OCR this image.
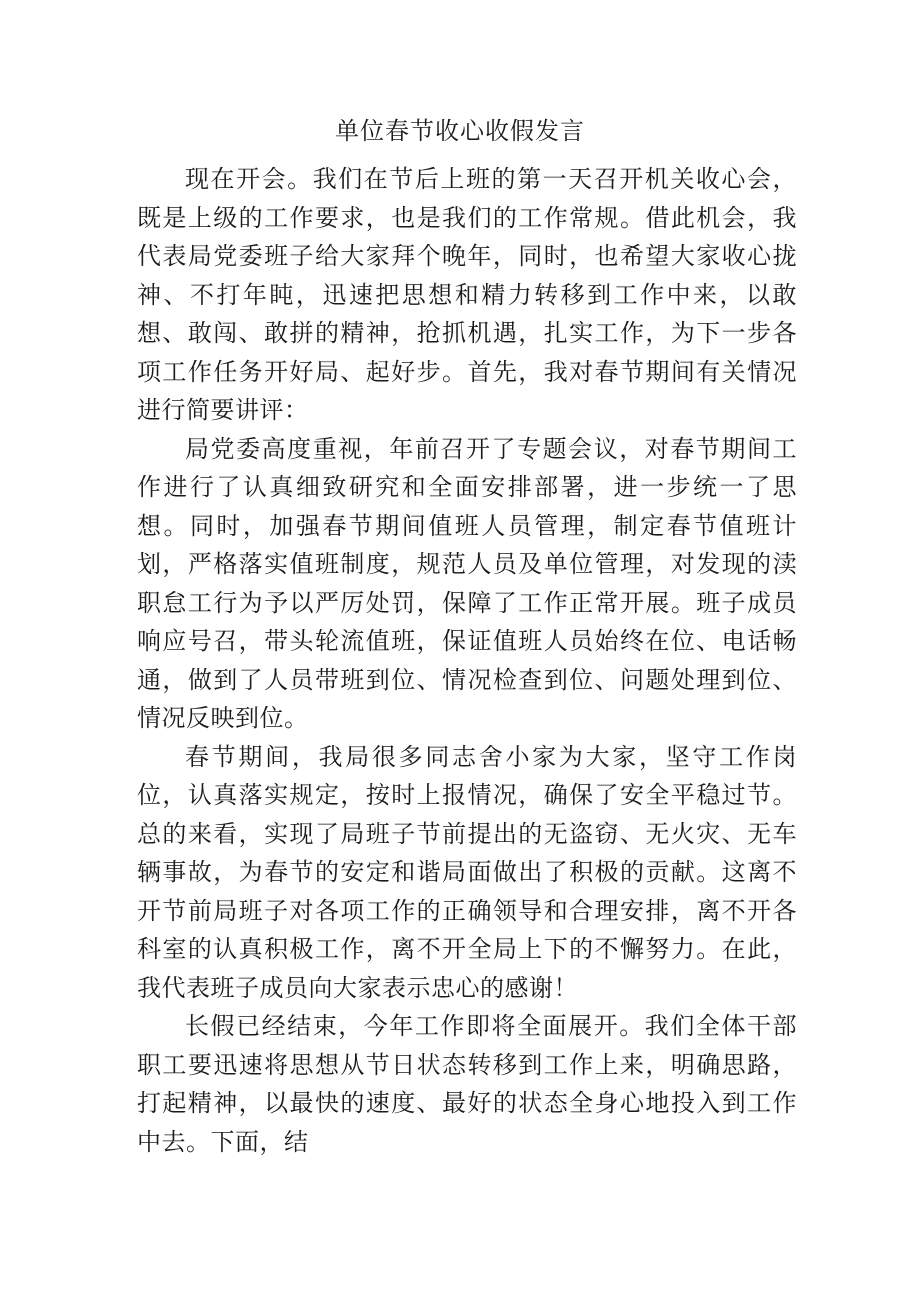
单位春节收心收假发言

现在开会。我们在节后上班的第一天召开机关收心会，既是上级的工作要求，也是我们的工作常规。借此机会，我代表局党委班子给大家拜个晚年，同时，也希望大家收心拢神、不打年盹，迅速把思想和精力转移到工作中来，以敢想、敢闯、敢拼的精神，抢抓机遇，扎实工作，为下一步各项工作任务开好局、起好步。首先，我对春节期间有关情况进行简要讲评：

局党委高度重视，年前召开了专题会议，对春节期间工作进行了认真细致研究和全面安排部署，进一步统一了思想。同时，加强春节期间值班人员管理，制定春节值班计划，严格落实值班制度，规范人员及单位管理，对发现的渎职怠工行为予以严厉处罚，保障了工作正常开展。班子成员响应号召，带头轮流值班，保证值班人员始终在位、电话畅通，做到了人员带班到位、情况检查到位、问题处理到位、情况反映到位。

春节期间，我局很多同志舍小家为大家，坚守工作岗位，认真落实规定，按时上报情况，确保了安全平稳过节。总的来看，实现了局班子节前提出的无盗窃、无火灾、无车辆事故，为春节的安定和谐局面做出了积极的贡献。这离不开节前局班子对各项工作的正确领导和合理安排，离不开各科室的认真积极工作，离不开全局上下的不懈努力。在此，我代表班子成员向大家表示忠心的感谢！

长假已经结束，今年工作即将全面展开。我们全体干部职工要迅速将思想从节日状态转移到工作上来，明确思路，打起精神，以最快的速度、最好的状态全身心地投入到工作中去。下面，结
